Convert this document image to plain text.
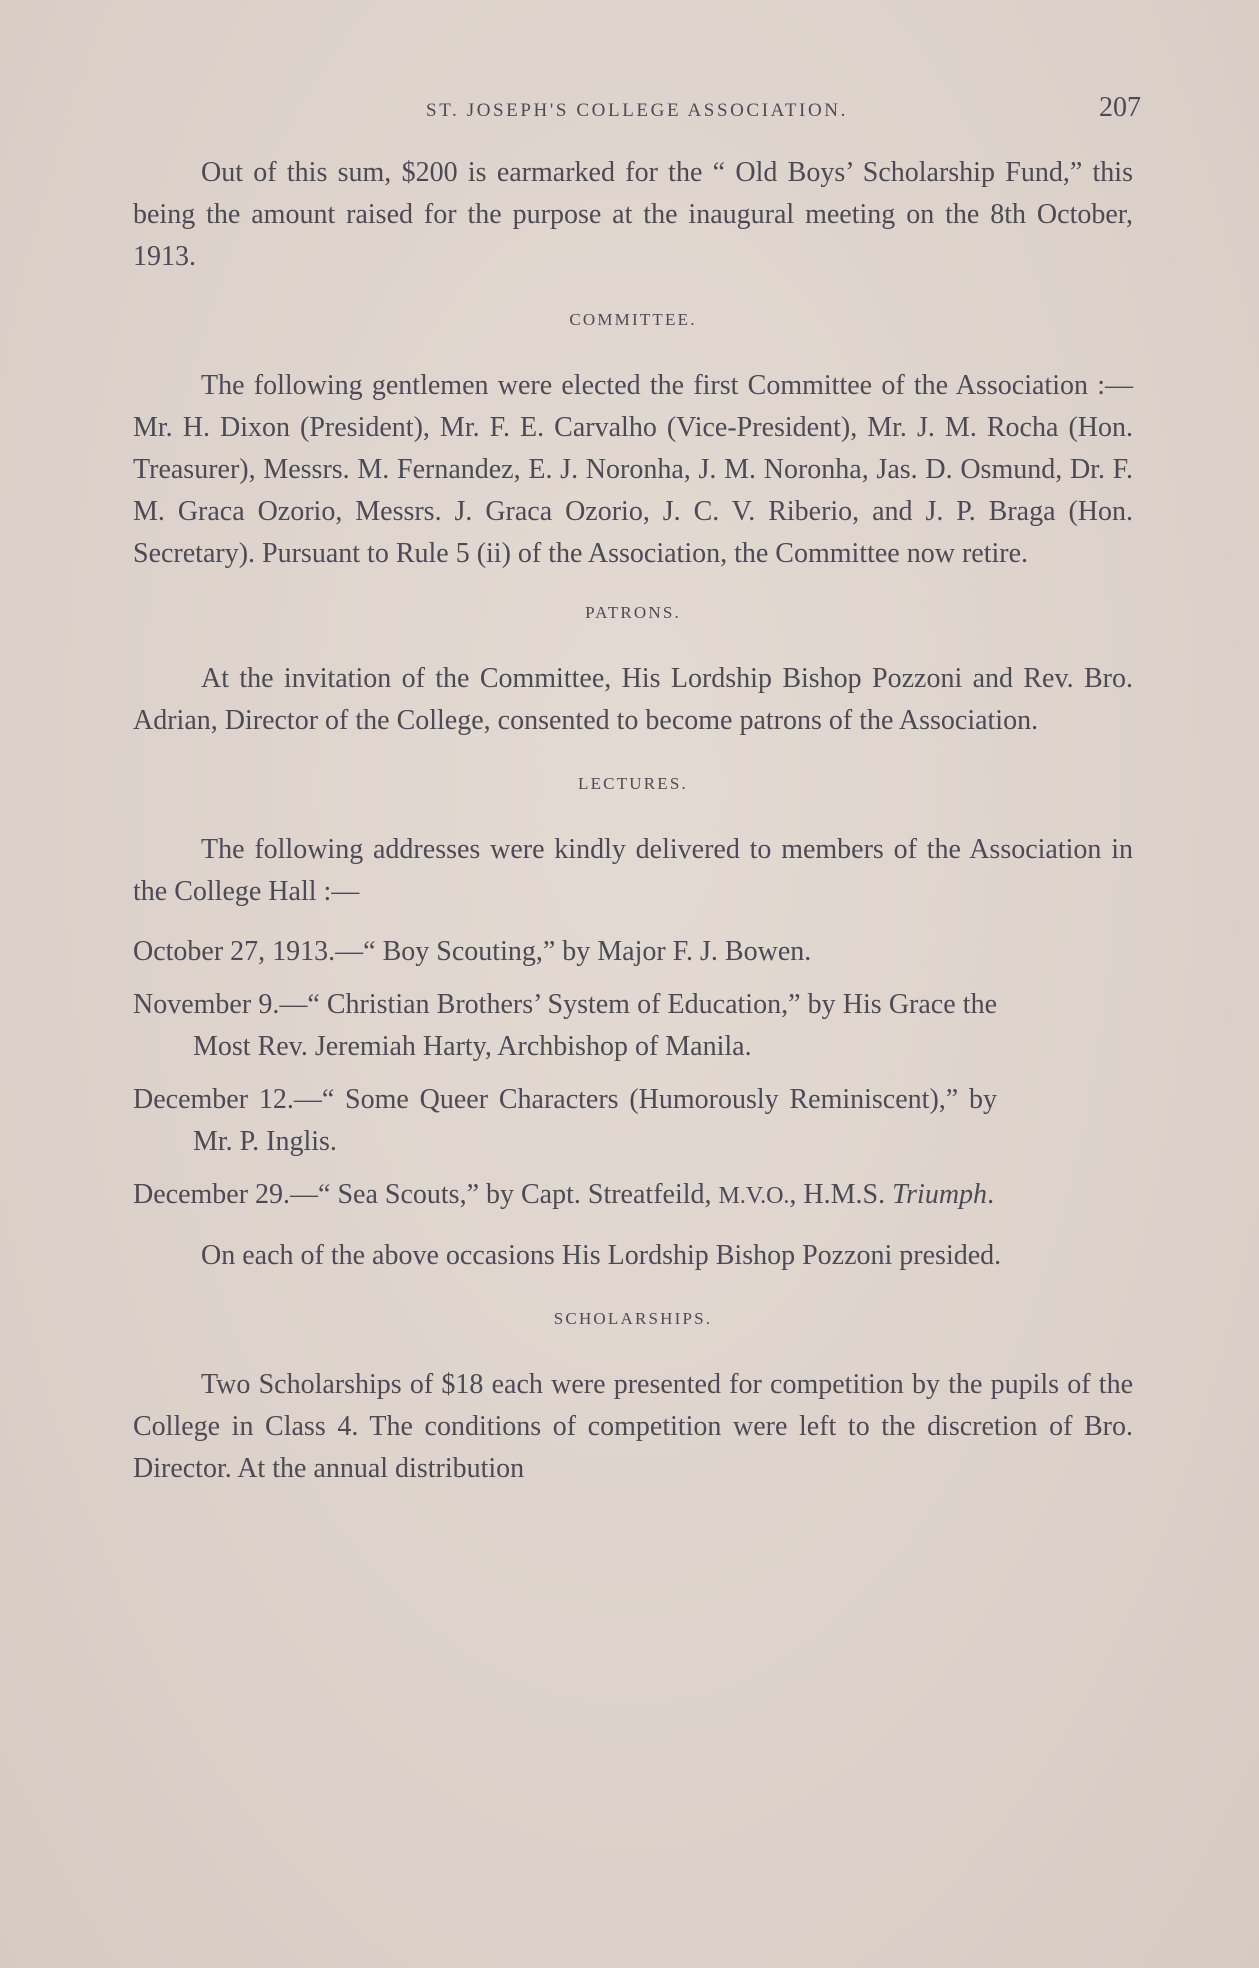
ST. JOSEPH'S COLLEGE ASSOCIATION.	207

Out of this sum, $200 is earmarked for the “ Old Boys’ Scholarship Fund,” this being the amount raised for the purpose at the inaugural meeting on the 8th October, 1913.

COMMITTEE.

The following gentlemen were elected the first Committee of the Association :—Mr. H. Dixon (President), Mr. F. E. Carvalho (Vice-President), Mr. J. M. Rocha (Hon. Treasurer), Messrs. M. Fernandez, E. J. Noronha, J. M. Noronha, Jas. D. Osmund, Dr. F. M. Graca Ozorio, Messrs. J. Graca Ozorio, J. C. V. Riberio, and J. P. Braga (Hon. Secretary). Pursuant to Rule 5 (ii) of the Association, the Committee now retire.

PATRONS.

At the invitation of the Committee, His Lordship Bishop Pozzoni and Rev. Bro. Adrian, Director of the College, consented to become patrons of the Association.

LECTURES.

The following addresses were kindly delivered to members of the Association in the College Hall :—

October 27, 1913.—“ Boy Scouting,” by Major F. J. Bowen.

November 9.—“ Christian Brothers’ System of Education,” by His Grace the Most Rev. Jeremiah Harty, Archbishop of Manila.

December 12.—“ Some Queer Characters (Humorously Reminiscent),” by Mr. P. Inglis.

December 29.—“ Sea Scouts,” by Capt. Streatfeild, M.V.O., H.M.S. Triumph.

On each of the above occasions His Lordship Bishop Pozzoni presided.

SCHOLARSHIPS.

Two Scholarships of $18 each were presented for competition by the pupils of the College in Class 4. The conditions of competition were left to the discretion of Bro. Director. At the annual distribution
